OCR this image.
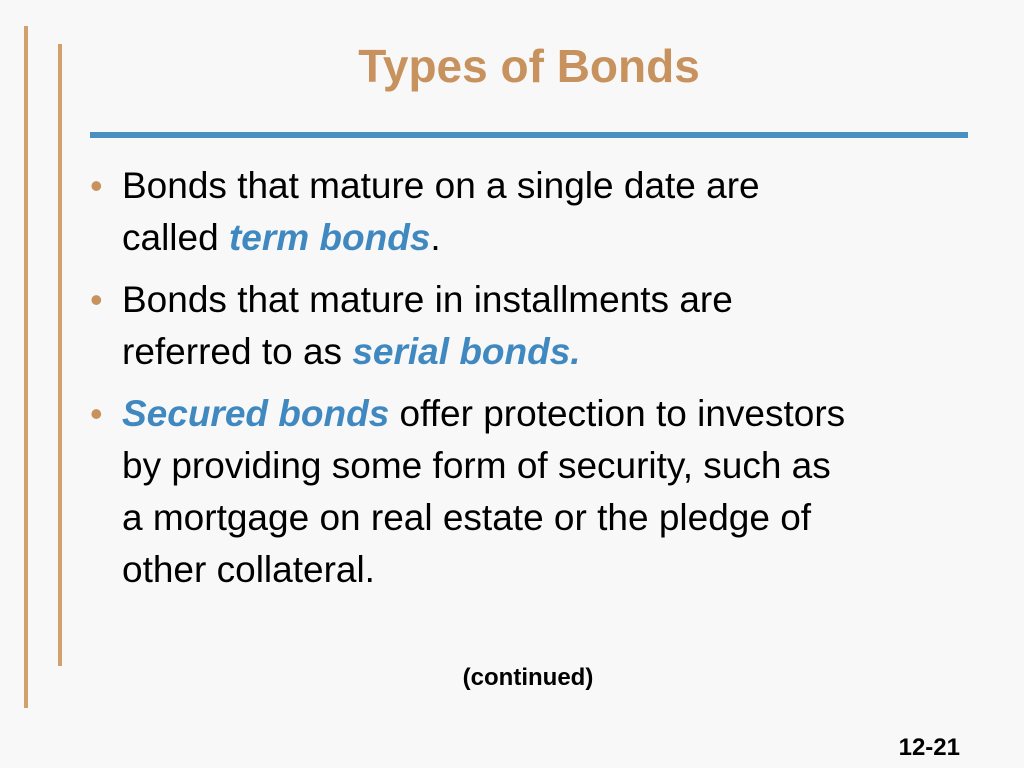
Types of Bonds
• Bonds that mature on a single date are
called term bonds.
• Bonds that mature in installments are
referred to as serial bonds.
• Secured bonds offer protection to investors
by providing some form of security, such as
a mortgage on real estate or the pledge of
other collateral.
(continued)
12-21
